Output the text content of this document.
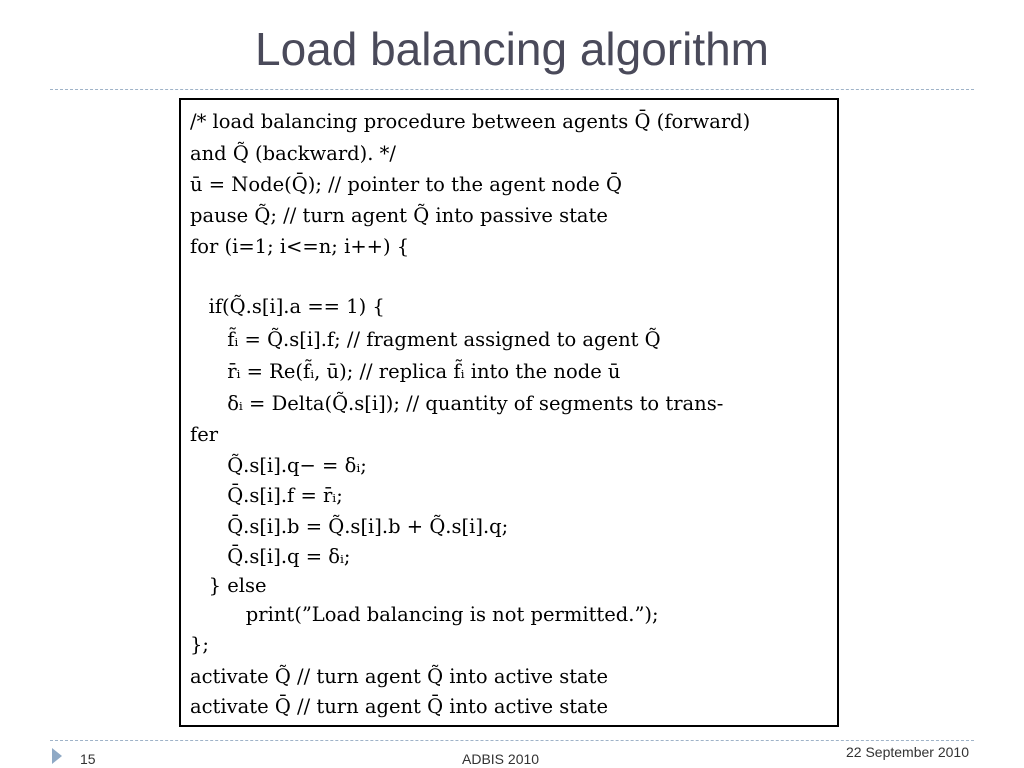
Load balancing algorithm
/* load balancing procedure between agents Q̄ (forward)
and Q̃ (backward). */
ū = Node(Q̄); // pointer to the agent node Q̄
pause Q̃; // turn agent Q̃ into passive state
for (i=1; i<=n; i++) {
if(Q̃.s[i].a == 1) {
f̃ᵢ = Q̃.s[i].f; // fragment assigned to agent Q̃
r̄ᵢ = Re(f̃ᵢ, ū); // replica f̃ᵢ into the node ū
δᵢ = Delta(Q̃.s[i]); // quantity of segments to trans-
fer
Q̃.s[i].q− = δᵢ;
Q̄.s[i].f = r̄ᵢ;
Q̄.s[i].b = Q̃.s[i].b + Q̃.s[i].q;
Q̄.s[i].q = δᵢ;
} else
print(”Load balancing is not permitted.”);
};
activate Q̃ // turn agent Q̃ into active state
activate Q̄ // turn agent Q̄ into active state
15	ADBIS 2010	22 September 2010
